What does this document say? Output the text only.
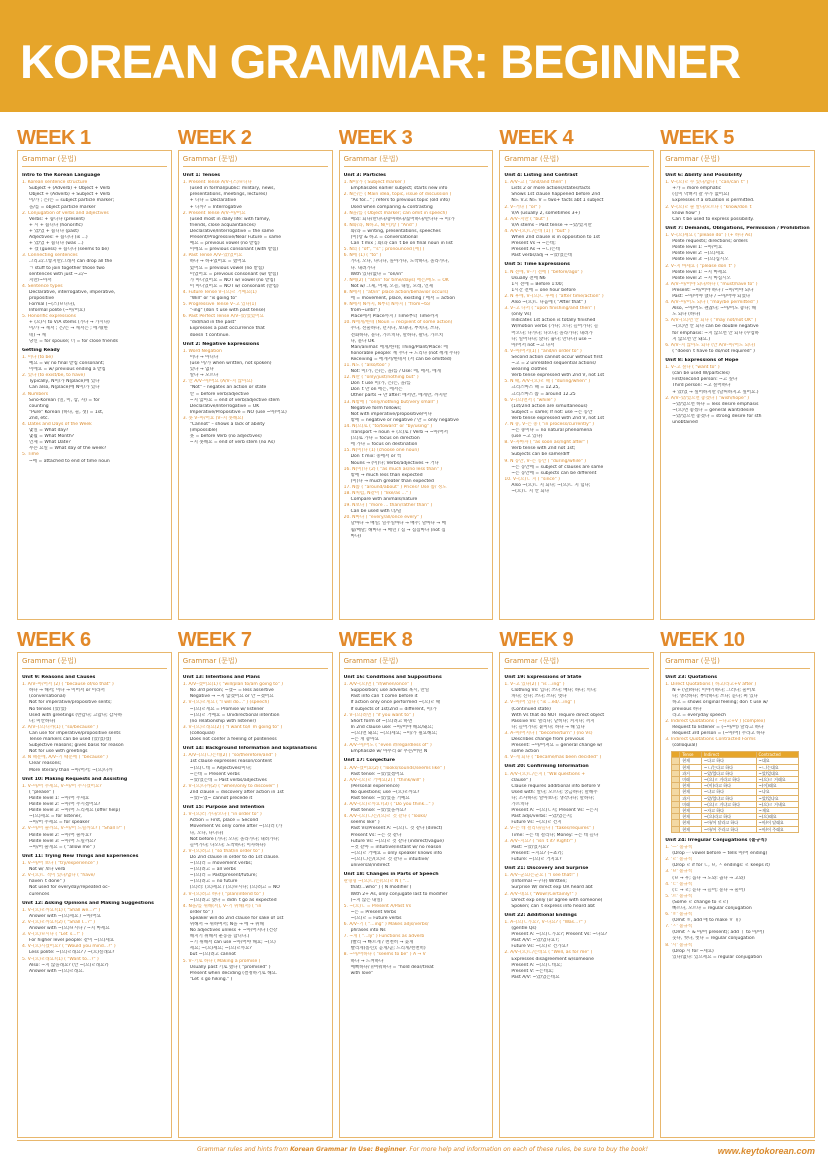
KOREAN GRAMMAR: BEGINNER
WEEK 1
Grammar (문법)
Intro to the Korean Language
1. Korean sentence structure
Subject + (Adverb) + Object + Verb
Object + (Adverb) + Subject + Verb
이/가 ; 은/는 = subject particle marker;
을/를 = object particle marker
2. Conjugation of verbs and adjectives
Verbs: + 습니다 (present)
+ 시 + 습니다 (honorific)
+ 았/었 + 습니다 (past)
Adjectives: + 습니다 (is ...)
+ 았/었 + 습니다 (was ...)
+ 겠 (guess) + 습니다 (seems to be)
3. Connecting sentences
그리고/그렇지만/그래서 can drop all the
ㄱ stuff to join together those two
sentences with just ~고/~
지만/~아서
4. Sentence types
Declarative, interrogative, imperative,
propositive
Formal (~(스)ㅂ니다),
Informal polite (~아/어요)
5. Honorific expressions
+ (으)시 to V/A stems (가다 → 가시다)
이/가 → 께서 ; 은/는 → 께서는 ; 에게(한
테) → 께
당신 = for spouse; 너 = for close friends
Getting Ready
1. 이다 (to be)
예요 = w/ no final 받침 consonant;
이에요 = w/ previous ending a 받침
2. 있다 (to exist/be, to have)
Typically, N이/가 N(place)에 있다
Can also, N(place)에 N이/가 있다
3. Numbers
Sino-Korean (일, 이, 삼, 사) = for
counting
"Pure" Korean (하나, 둘, 셋) = 1st,
2nd, etc.
4. Dates and Days of the Week
몇일 = What day?
몇월 = What Month?
언제 = What Date?
무슨 요일 = What day of the week?
5. Time
~에 = attached to end of time noun
WEEK 2
Grammar (문법)
Unit 1: Tenses
1. Present Tense A/V–(스)ㅂ니다
(used in formal/public: military, news,
presentations, meetings, lectures)
+ 니다 = Declarative
+ 니까? = Interrogative
2. Present Tense A/V–아/어요
(used most in daily life: with family,
friends, close acquaintances)
Declarative/Interrogative = the same
Present/Progressive/Near Future = same
예요 = previous vowel (no 받침)
이에요 = previous consonant (with 받침)
3. Past Tense A/V–았/었어요
하다 → 하+였어요 = 했어요
였어요 = previous vowel (no 받침)
이었어요 = previous consonant (w/ 받침)
가 아니었어요 = NOT w/ vowel (no 받침)
이 아니었어요 = NOT w/ consonant (받침)
4. Future Tense V–(으)ㄹ 거예요(1)
"Will" or "is going to"
5. Progressive Tense V–고 있다(1)
"-ing" (don`t use with past tense)
6. Past Perfect Tense A/V–았/었었어요
"did/had in the past"
Expresses a past occurrence that
doesn`t continue.
Unit 2: Negative Expressions
1. Word Negation
이다 → 아니다
(use 이/가 when written, not spoken)
있다 → 없다
알다 → 모르다
2. 안 A/V–아/어요 (A/V–지 않아요)
"Not" – negates an action or state
안 = before verb/adjective
~지 않아요 = end of verb/adjective stem
Declarative/Interrogative = OK
Imperative/Propositive = NO (use ~아/어요)
3. 못 V–아/어요 (V–지 못해요)
"Cannot" – shows a lack of ability
(impossible)
못 = before Verb (no adjectives)
~지 못해요 = end of verb stem (no As)
WEEK 3
Grammar (문법)
Unit 3: Particles
1. N이/가 ( Subject marker )
Emphasizes earlier subject; starts new info
2. N은/는 ( Main idea, topic, issue of discussion )
"As for..." ; refers to previous topic (old info)
Used when comparing & contrasting
3. N을/를 ( Object marker; can omit in speech)
예외: 되다/만나다/좋아하다/싫어하다/만나다 → 이/가
4. N와/과, N하고, N(이)랑 ( "And" )
와/과 = writing, presentations, speeches
(이)랑 & 하고 = conversational
Can`t mix ; 와/과 can`t be on final noun in list
5. N의 ( "of", "'s" ; pronounced [에] )
6. N에 (1) ( "to" )
가다, 오다, 다니다, 돌아가다, 도착하다, 올라가다,
다. 내려가다
With 있다/없다 = "on/in"
7. N에(2) ( "at/in" for time/days) 에는/에도 = OK
Not w/ 그제, 어제, 오늘, 내일, 모레, 언제
8. N에서 ( "at/in" place action/behavior occurs)
에 = movement, place, existing / 에서 = action
9. N에서 N까지, N부터 N까지 ( "from~to/
from~until" )
Place에서 Place까지 / Time부터 Time까지
10. N에게/한테 (Noun = recipient of some action)
주다, 선물하다, 던지다, 보내다, 부치다, 쓰다,
전화하다, 묻다, 가르치다, 말하다, 팔다, 가르치
다, 묻다 OK
Man/animal: 에게/한테; Thing/Plant/Place: 에
honorable people: 께 주다 → 드리다 (not 께게 주다)
Receiving = 에게서/한테서 (서 can be omitted)
11. N도 ( "also/too" )
Not: 이/가, 은/는, 을/를 / Use: 에, 에서, 에게
12. N만 ( "only/just/nothing but" )
Don`t use 이/가, 은/는, 을/를
Don`t 만 on 에는, 에서는
Other parts → 만 after: 에서만, 에게만, 까지만
13. N밖에 ( "only/nothing but/very small" )
Negative form follows;
Not with imperative/propositive/이다
밖에 = negative or negative / 만 = only negative
14. N(으)로 ( "to/toward" or "by/using" )
Transport → noun + (으)로 / Verb → ~아/어서
(으)로 가다 = focus on direction
에 가다 = focus on destination
15. N(이)나 (1) (choose one noun)
Don`t mix: 중에서 or 씩
Nouns → (이)나; Verbs/adjectives → 거나
16. N(이)나 (2) ( "as much as/no less than" )
밖에 → much less than expected
(이)나 → much greater than expected
17. N쯤 ( "around/about" ) Prices? Use 쯤/ 정도
18. N처럼, N같이 ( "like/as ..." )
Compare with animals/nature
19. N보다 ( "more ... than/rather than" )
Can be used with 더/덜
20. N마다 ( "every/all/once every" )
날마다 → 매일; 일주일마다 → 매주; 달마다 → 매
월/매달; 해마다 → 매년 / 집 → 집집마다 (not 집
마다)
WEEK 4
Grammar (문법)
Unit 4: Listing and Contrast
1. A/V–고 ( "and/and then" )
Lists 2 or more actions/states/facts
Shows 1st clause happened before 2nd
N도 V고 N도 V = two+ facts abt 1 subject
2. V–거나 ( "or" )
V/A (usually 2, sometimes 3+)
3. A/V–지만 ( "but" )
V/A stems – Past tense → ~았/었지만
4. A/V–(으)ㄴ/는데 (1) ( "but" )
When 2nd clause is in opposition to 1st
Present Vs → ~는데;
Present As → ~ㄴ/은데
Past verbs/adj → ~았/었는데
Unit 5: Time Expressions
1. N 전에, V–기 전에 ( "before/ago" )
Usually 전에 N6
1시 전에 = Before 1:00;
1시간 전에 = one hour before
2. N 후에, V–(으)ㄴ 후에 ( "after time/action" )
Also ~(으)ㄴ 다음에 ( "After that" )
3. V–고 나서 ( "upon finishing/and then" )
(only Vs)
Indicates 1st action is totally finished
W/motion verbs (가다; 오다; 들어가다; 들
어오다; 나가다; 나오다; 올라가다; 내려가
다; 일어나다; 앉다; 눕다; 만나다) use ~
아/어서 not ~고 나서
4. V–아/어서(1) ( "and/in order to" )
Second action cannot occur without first
~고 = 2 unrelated sequential actions/
wearing clothes
Verb tense expressed with 2nd V, not 1st
5. N 때, A/V–(으)ㄹ 때 ( "during/when" )
크리스마스 때 = 12.25,
크리스마스 쯤 = around 12.25
6. V–(으)면서 ( "while" )
(1st/2nd action are simultaneous)
Subject = same; If not: use ~는 동안
Verb tense expressed with 2nd V, not 1st
7. N 중, V–는 중 ( "in process/currently" )
~는 중이다 = no natural phenomena
(use ~고 있다)
8. V–자마자 ( "as soon as/right after" )
Verb tense with 2nd not 1st;
Subjects can be same/diff
9. N 동안, V–는 동안 ( "during/while" )
~는 동안에 = subject of clauses are same
~는 동안에 = subjects can be different
10. V–(으)ㄴ 지 ( "since" )
Also ~(으)ㄴ 지 되다; ~(으)ㄴ 지 넘다;
~(으)ㄴ 지 안 되다
WEEK 5
Grammar (문법)
Unit 6: Ability and Possibility
1. V–(으)ㄹ 수 있다/없다 ( "can/can`t" )
+가 = more emphatic
(길이 막혀서 갈 수가 없어요)
Expresses if a situation is permitted.
2. V–(으)ㄹ 줄 알다/모르다 ( "know/don`t
know how" )
Can`t be used to express possibility.
Unit 7: Demands, Obligations, Permission / Prohibition
1. V–(으)세요 ( "please do" ) (+ 하다 As)
Polite requests; directions; orders
Polite level 1: ~아/어요
Polite level 2: ~(으)세요
Polite level 3: ~(으)십시오
2. V–지 마세요 ( "please don`t" )
Polite level 1: ~지 마세요
Polite level 2: ~지 마십시오
3. A/V–아/어야 되다/하다 ( "must/have to" )
Present: ~아/어야 하다 / ~아/어야 되다
Past: ~아/어야 했다 / ~아/어야 되었다
4. A/V–아/어도 되다 ( "may/be permitted" )
Also, ~아/어도 괜찮다; ~아/어도 좋다; 해
도 되다 (하다)
5. A/V–(으)면 안 되다 ( "may not/not OK" )
~(으)면 안 되다 can be double negative
for emphasis: ~지 않으면 안 되다 (수업하
지 않으면 안 돼요.)
6. A/V–지 않아도 되다 (안 A/V–아/어도 되다)
( "doesn`t have to do/not required" )
Unit 8: Expressions of Hope
1. V–고 싶다 ( "want to" )
(can be used W/particles)
First/second person: ~고 싶다
Third person: ~고 싶어하다
+ 았/었 → 싶어하지만 (날씨하지고 싶어요.)
2. A/V–았/었으면 좋겠다 ( "wish/hope" )
~았/었으면 하다 = less desire emphasis
~(으)면 좋겠다 = general want/desire
~았/었으면 좋겠다 = strong desire for sth
unobtained
WEEK 6
Grammar (문법)
Unit 9: Reasons and Causes
1. A/V–아/어서 (2) ( "because of/so that" )
하다 → 해서; 이다 → 이어서 or 이라서
(conversational)
Not for imperative/propositive sents;
No tenses (았/었)
Used with greetings (반갑다; 고맙다; 감사하
다; 미안하다)
2. A/V–(으)니까(1) ( "so/because" )
Can use for imperative/propositive sents
Tense markers can be used (았/었/겠)
Subjective reasons; gives basis for reason
Not for use with greetings
3. N 때문에, A/V–기 때문에 ( "because" )
Clear reasons;
More literary than ~아/어서; ~(으)니까
Unit 10: Making Requests and Assisting
1. V–아/어 주세요, V–아/어 주시겠어요?
( "please" )
Polite level 1: ~아/어 주세요
Polite level 2: ~아/어 주시겠어요?
Polite level 3: ~아/어 드리세요 (offer help)
~(으)세요 = for listener,
~아/어 주세요 = for speaker
2. V–아/어 줄까요, V–아/어 드릴까요? ( "Shall I?" )
Polite level 2: ~아/어 줄까요?
Polite level 3: ~아/어 드릴까요?
~아/어 줄게요 = ( "allow me" )
Unit 11: Trying New Things and Experiences
1. V–아/어 보다 ( "try/experience" )
Not w/ 보다 verb
2. V–(으)ㄴ 적이 있다/없다 ( "have/
haven`t done" )
Not used for everyday/repeated oc–
curences
Unit 12: Asking Opinions and Making Suggestions
1. V–(으)ㄹ까요?(1) ( "Shall we...?" )
Answer with ~(으)세요 / ~아/어요
2. V–(으)ㄹ까요?(2) ( "Shall I...?" )
Answer with ~(으)ㅂ시다 / ~지 마세요
3. V–(으)ㅂ시다 ( "Let`s...!" )
For higher level people: 같이 ~(으)세요
4. V–(으)시겠어요? ( "Would you mind...?" )
Less polite: ~(으)ㄹ래요? / ~(으)실래요?
5. V–(으)ㄹ래요?(1) ( "Want to...?" )
Also: ~지 않을래요? (안 ~(으)ㄹ래요?)
Answer with ~(으)ㄹ래요.
WEEK 7
Grammar (문법)
Unit 13: Intentions and Plans
1. A/V–겠어요(1) ( "will/plan to/am going to" )
No 3rd person; ~겠~ = less assertive
Negative → ~지 않겠어요 or 안 ~겠어요
2. V–(으)ㄹ게요 ( "I will do..." ) (speech)
~(으)ㄹ게요 = Promise w/ listener
~(으)ㄹ 거예요 = Unidirectional intention
(no relationship with listener)
3. V–(으)ㄹ래요(2) ( "I want to/I`m going to" )
(colloquial)
Does not confer a feeling of politeness
Unit 14: Background Information and Explanations
1. A/V–(으)ㄴ/는데(2) ( "so/therefore/and" )
1st clause expresses reason/content
~(으)ㄴ데 = Adjectives/이다;
~는데 = Present verbs
~았/었는데 = Past verbs/adjectives
2. V–(으)니까(2) ( "when/only to discover" )
2nd clause = discovery after action in 1st
~았/~었~ cannot precede it
Unit 15: Purpose and Intention
1. V–(으)러 가다/오다 ( "in order to" )
Action = First, place = Second
Movement Vs only come after ~(으)러 (가
다, 오다, 다니다)
Not before (가다; 오다; 올라가다; 내려가다;
들어가다; 나오다; 도착하다; 이사하다)
2. V–(으)려고 ( "so that/in order to" )
Do 2nd clause in order to do 1st clause.
~(으)러 = movement verbs;
~(으)려고 = all verbs
~(으)러 = Past/present/future;
~(으)려고 = no future
(으)러: (으)세요 / (으)ㅂ시다; (으)려고 = NO
3. V–(으)려고 하다 ( "plan/intend to" )
~(으)려고 했다 = didn`t go as expected
4. N을/를 위해(서), V–기 위해(서) ( "in
order to" )
Speaker will do 2nd clause for sake of 1st
위해서 → 위하여서; N을 → 에 → 위해
No adjectives unless + ~아/어지다 (건강
해지기 위해서 운동을 합니다.)
~기 위해서 can use ~아/어야 해요; ~(으)
세요; ~(으)세요; ~(으)ㄹ까요?
but ~(으)려고 cannot
5. V–기로 하다 ( Making a promise )
Usually past 기로 했다 ( "promised" )
Present when deciding (결정하기로 해요.
"Let`s go hiking." )
WEEK 8
Grammar (문법)
Unit 16: Conditions and Suppositions
1. A/V–(으)면 ( "if/when/once" )
Supposition; use adverbs 혹시, 만일
Past info can`t come before it
If action only once performed ~(으)ㄹ 때
If subjects of 1st/2nd = different, 이/가
2. V–(으)려면 ( "if you want to" )
Short form of ~(으)려고 하면
In 2nd clause use: ~아/어야 해요/돼요;
~(으)면 돼요; ~(으)세요; ~이/가 필요해요;
~는 게 좋아요
3. A/V–아/어도 ( "even if/regardless of" )
Emphasize w/ 아무리 or 무슨/어떤 N
Unit 17: Conjecture
1. A/V–겠어요(2) ( "looks/sounds/seems like" )
Past tense: ~았/었겠어요
2. A/V–(으)ㄹ 거예요(2) ( "think/will" )
(Personal experience)
No questions; use ~(으)ㄹ까요?
Past tense: ~았/었을 거예요
3. A/V–(으)ㄹ까요?(3) ( "Do you think..." )
Past tense: ~았/었을까요?
4. A/V–(으)ㄴ/는/(으)ㄹ 것 같다 ( "looks/
seems like" )
Past Vs/Present A: ~(으)ㄴ 것 같다 (direct)
Present Vs: ~는 것 같다
Future Vs: ~(으)ㄹ 것 같다 (indirect/vague)
~것 같아 = intuitive/instant w/ no reason
~(으)ㄹ 거예요 = only speaker knows info
~(으)ㄴ/는/(으)ㄹ 것 같다 = intuitive/
universal/indirect
Unit 18: Changes in Parts of Speech
관형형 ~(으)ㄴ/는/(으)ㄹ N ( "...
that/...who" ) ( N modifier )
With 2+ As, only conjugate last to modifier
(~지 않은 내일)
5. ~(으)ㄴ = Present A/Past Vs
~는 = Present Verbs
~(으)ㄹ = Future verbs
6. A/V–기 ( "...ing" ) Makes adjs/verbs/
phrases into Ns
7. ~게 ( "...ly" ) Functions as adverb
(빨리 → 빠르게 / 천천히 → 늦게
빨리게(틀린); 곧게/곧; 느리게/천천히)
8. ~아/어하다 ( "seems to be" ) A → V
하다 → 느껴하다
예뻐하다/귀여워하다 = "hold dear/treat
with love"
WEEK 9
Grammar (문법)
Unit 19: Expressions of State
1. V–고 있다(2) ( "is ...ing" )
Clothing Vs: 입다; 쓰다; 매다; 하다; 끼다;
차다; 신다; 쓰다; 쓰다; 벗다
2. V–아/어 있다 ( "is ...ed/...ing" )
(Continued state)
With Vs that do NOT require direct object
Passive Vs: 열리다; 닫히다; 켜지다; 꺼지
다; 들어가다; 붙이다; 하다 → 해 있다
3. A–아/어지다 ( "become/turn" ) (no Vs)
Describes change from previous
Present: ~아/어져요 = general change w/
some action
4. V–게 되다 ( "became/has been decided" )
Unit 20: Confirming Information
1. A/V–(으)ㄴ/는지 ( "WB questions +
clause" )
Clause requires additional info before V
Used with: 알다; 모르다; 궁금하다; 말해주
다; 조사하다; 알아보다; 생각나다; 말하다;
가르치다
Present A: ~(으)ㄴ지; Present Vs: ~는지
Past adjs/verbs: ~았/었는지;
Future Vs: ~(으)ㄹ 건지
2. V–는 데 걸리다/들다 ( "takes/requires" )
Time: ~는 데 걸리다; Money: ~는 데 들다
3. A/V–지요? ( "isn`t it? Right?" )
Past: ~았/었지요?
Present: ~지요? (~죠?);
Future: ~(으)ㄹ 거지요?
Unit 21: Discovery and Surprise
1. A/V–군요/는군요 ( "I see that!" )
(Informal ~구나) Written;
Surprise W/ direct exp OR heard abt
2. A/V–네요 ( "Wow!/Certainly!" )
Direct exp only (or agree with someone)
Spoken; can`t express info heard abt
Unit 22: Additional Endings
1. A–(으)ㄴ가요?, V–나요? ( "Was...?" )
(gentle Qs)
Present A: ~(으)ㄴ가요?; Present Vs: ~나요?
Past A/V: ~았/었나요?;
Future Vs: ~(으)ㄹ 건가요?
2. A/V–(으)ㄴ/는데요 ( "Well, as for me" )
Expresses disagreement w/someone
Present A: ~(으)ㄴ데요;
Present V: ~는데요;
Past A/V: ~았/었는데요
WEEK 10
Grammar (문법)
Unit 23: Quotations
1. Direct Quotations ( 하고/라고+V after )
N + (말)하다; 이야기하다; 그러다; 물어보
다; 생각하다; 부탁하다; 쓰다; 듣다; 써 있다
하고 = shows original feeling; don`t use w/
previous 하다
라고 = everyday speech
2. Indirect Quotations ( ~다고+V ) (complex)
Request to listener = (~아/어) 달라고 하다
Request 3rd person = (~아/어) 주라고 하다
3. Indirect Quotations Contracted Forms
(colloquial)
	Tense	Indirect	Contracted
	현재	~다고 하다	~대요
	현재	~ㄴ/는다고 하다	~ㄴ/는대요
	과거	~았/었다고 하다	~았/었대요
	미래	~(으)ㄹ 거라고 하다	~(으)ㄹ 거래요
	현재	~(이)라고 하다	~(이)래요
	현재	~냐고 하다	~냐요
	과거	~았/었냐고 하다	~았/었냐요
	미래	~(으)ㄹ 거냐고 하다	~(으)ㄹ 거냬요
	현재	~자고 하다	~재요
	현재	~(으)라고 하다	~(으)래요
	현재	~아/어 달라고 하다	~아/어 달래요
	현재	~아/어 주라고 하다	~아/어 주래요
Unit 24: Irregular Conjugations (불규칙)
1. '—' 불규칙
(Drop ㅡ vowel before ~ tells 아/어 ending)
2. 'ㄹ' 불규칙
(Drop ㄹ if for ㄴ, ㅂ, ㅅ endings: ㄹ keeps it)
3. 'ㅂ' 불규칙
(ㅂ → 우; 돕다 → 도와: 곱다 → 고와)
4. 'ㄷ' 불규칙
(ㄷ → ㄹ; 듣다 → 들어; 묻다 → 물어)
5. '르' 불규칙
(Some ㄹ change to ㄹㄹ)
빠르다, 모르다 = regular conjugation
6. 'ㅎ' 불규칙
(Omit ㅎ, add 애 to make ㅎ ㅐ)
7. 'ㅅ' 불규칙
(Omit ㅅ & 아/어 present); add ㅣ to 아/어)
웃다, 씻다, 벗다 = regular conjugation
8. '시' 불규칙
(Drop 시 for ~세요)
있다/없다: 있으세요 = regular conjugation
Grammar rules and hints from Korean Grammar In Use: Beginner. For more help and information on each of these rules, be sure to buy the book!	www.keytokorean.com
